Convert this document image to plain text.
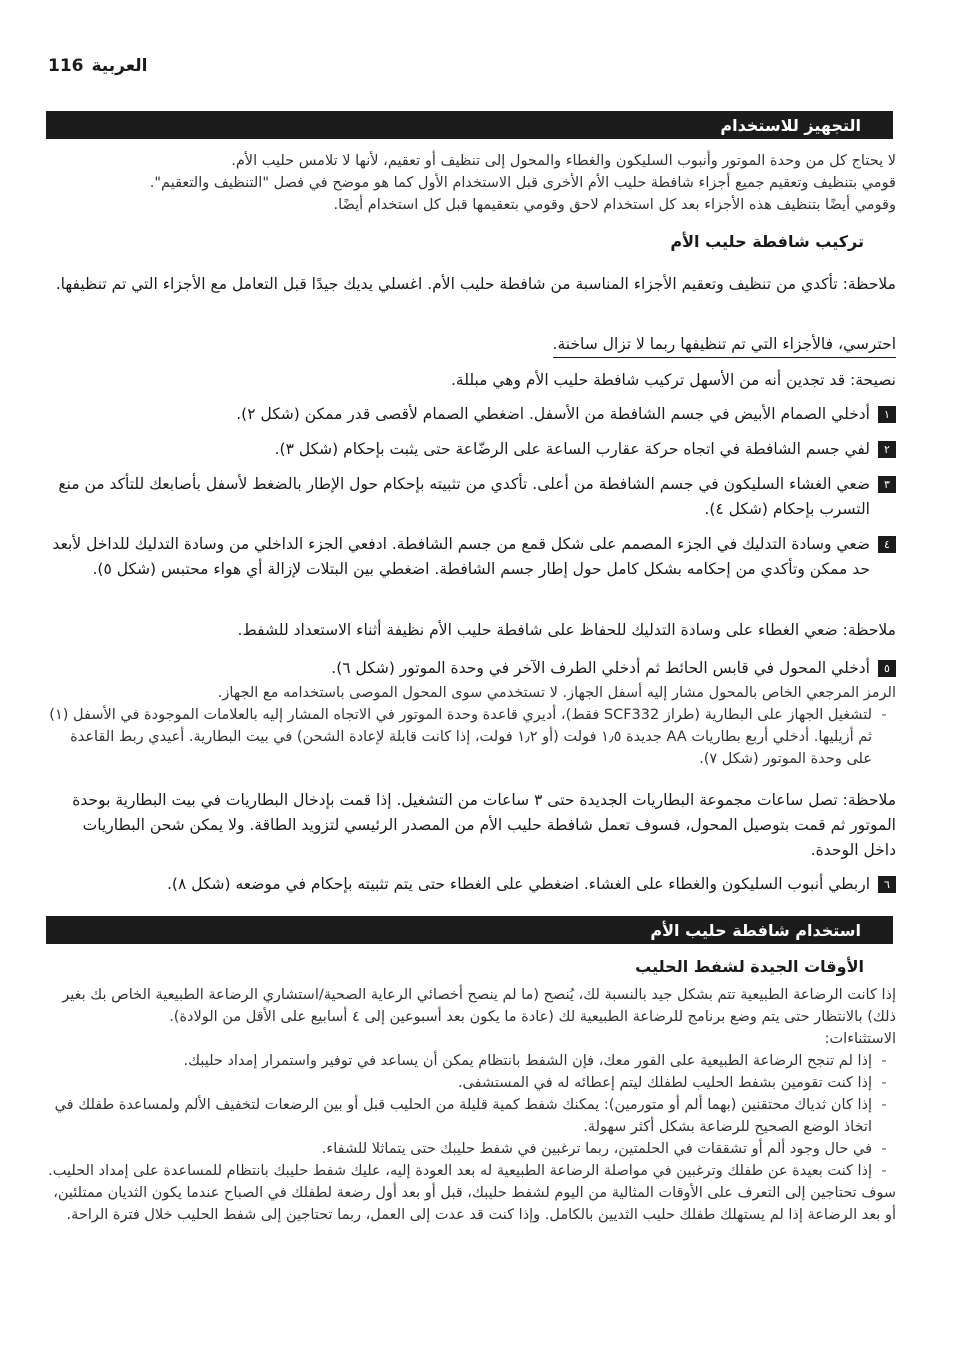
116 العربية
التجهيز للاستخدام

لا يحتاج كل من وحدة الموتور وأنبوب السليكون والغطاء والمحول إلى تنظيف أو تعقيم، لأنها لا تلامس حليب الأم.

قومي بتنظيف وتعقيم جميع أجزاء شافطة حليب الأم الأخرى قبل الاستخدام الأول كما هو موضح في فصل "التنظيف والتعقيم".

وقومي أيضًا بتنظيف هذه الأجزاء بعد كل استخدام لاحق وقومي بتعقيمها قبل كل استخدام أيضًا.

تركيب شافطة حليب الأم
ملاحظة: تأكدي من تنظيف وتعقيم الأجزاء المناسبة من شافطة حليب الأم. اغسلي يديك جيدًا قبل التعامل مع الأجزاء التي تم تنظيفها.
احترسي، فالأجزاء التي تم تنظيفها ربما لا تزال ساخنة.
نصيحة: قد تجدين أنه من الأسهل تركيب شافطة حليب الأم وهي مبللة.
١
أدخلي الصمام الأبيض في جسم الشافطة من الأسفل. اضغطي الصمام لأقصى قدر ممكن (شكل ٢).
٢
لفي جسم الشافطة في اتجاه حركة عقارب الساعة على الرضّاعة حتى يثبت بإحكام (شكل ٣).
٣
ضعي الغشاء السليكون في جسم الشافطة من أعلى. تأكدي من تثبيته بإحكام حول الإطار بالضغط لأسفل بأصابعك للتأكد من منع التسرب بإحكام (شكل ٤).
٤
ضعي وسادة التدليك في الجزء المصمم على شكل قمع من جسم الشافطة. ادفعي الجزء الداخلي من وسادة التدليك للداخل لأبعد حد ممكن وتأكدي من إحكامه بشكل كامل حول إطار جسم الشافطة. اضغطي بين البتلات لإزالة أي هواء محتبس (شكل ٥).
ملاحظة: ضعي الغطاء على وسادة التدليك للحفاظ على شافطة حليب الأم نظيفة أثناء الاستعداد للشفط.
٥
أدخلي المحول في قابس الحائط ثم أدخلي الطرف الآخر في وحدة الموتور (شكل ٦).

الرمز المرجعي الخاص بالمحول مشار إليه أسفل الجهاز. لا تستخدمي سوى المحول الموصى باستخدامه مع الجهاز.

-
لتشغيل الجهاز على البطارية (طراز SCF332 فقط)، أديري قاعدة وحدة الموتور في الاتجاه المشار إليه بالعلامات الموجودة في الأسفل (١) ثم أزيليها. أدخلي أربع بطاريات AA جديدة ١٫٥ فولت (أو ١٫٢ فولت، إذا كانت قابلة لإعادة الشحن) في بيت البطارية. أعيدي ربط القاعدة على وحدة الموتور (شكل ٧).
ملاحظة: تصل ساعات مجموعة البطاريات الجديدة حتى ٣ ساعات من التشغيل. إذا قمت بإدخال البطاريات في بيت البطارية بوحدة الموتور ثم قمت بتوصيل المحول، فسوف تعمل شافطة حليب الأم من المصدر الرئيسي لتزويد الطاقة. ولا يمكن شحن البطاريات داخل الوحدة.
٦
اربطي أنبوب السليكون والغطاء على الغشاء. اضغطي على الغطاء حتى يتم تثبيته بإحكام في موضعه (شكل ٨).
استخدام شافطة حليب الأم
الأوقات الجيدة لشفط الحليب

إذا كانت الرضاعة الطبيعية تتم بشكل جيد بالنسبة لك، يُنصح (ما لم ينصح أخصائي الرعاية الصحية/استشاري الرضاعة الطبيعية الخاص بك بغير ذلك) بالانتظار حتى يتم وضع برنامج للرضاعة الطبيعية لك (عادة ما يكون بعد أسبوعين إلى ٤ أسابيع على الأقل من الولادة).

الاستثناءات:

-
إذا لم تنجح الرضاعة الطبيعية على الفور معك، فإن الشفط بانتظام يمكن أن يساعد في توفير واستمرار إمداد حليبك.
-
إذا كنت تقومين بشفط الحليب لطفلك ليتم إعطائه له في المستشفى.
-
إذا كان ثدياك محتقنين (بهما ألم أو متورمين): يمكنك شفط كمية قليلة من الحليب قبل أو بين الرضعات لتخفيف الألم ولمساعدة طفلك في اتخاذ الوضع الصحيح للرضاعة بشكل أكثر سهولة.
-
في حال وجود ألم أو تشققات في الحلمتين، ربما ترغبين في شفط حليبك حتى يتماثلا للشفاء.
-
إذا كنت بعيدة عن طفلك وترغبين في مواصلة الرضاعة الطبيعية له بعد العودة إليه، عليك شفط حليبك بانتظام للمساعدة على إمداد الحليب.

سوف تحتاجين إلى التعرف على الأوقات المثالية من اليوم لشفط حليبك، قبل أو بعد أول رضعة لطفلك في الصباح عندما يكون الثديان ممتلئين، أو بعد الرضاعة إذا لم يستهلك طفلك حليب الثديين بالكامل. وإذا كنت قد عدت إلى العمل، ربما تحتاجين إلى شفط الحليب خلال فترة الراحة.
